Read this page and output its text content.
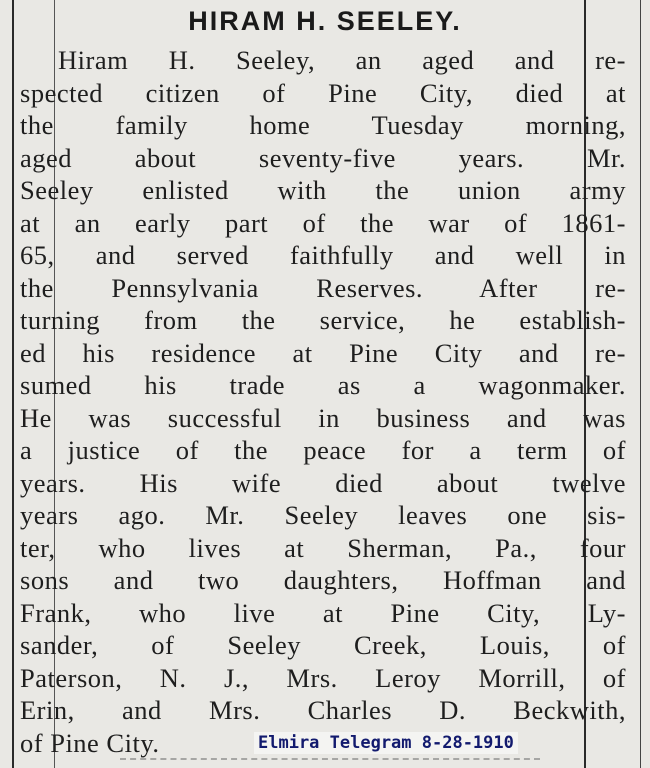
HIRAM H. SEELEY.
Hiram H. Seeley, an aged and re-
spected citizen of Pine City, died at
the family home Tuesday morning,
aged about seventy-five years. Mr.
Seeley enlisted with the union army
at an early part of the war of 1861-
65, and served faithfully and well in
the Pennsylvania Reserves. After re-
turning from the service, he establish-
ed his residence at Pine City and re-
sumed his trade as a wagonmaker.
He was successful in business and was
a justice of the peace for a term of
years. His wife died about twelve
years ago. Mr. Seeley leaves one sis-
ter, who lives at Sherman, Pa., four
sons and two daughters, Hoffman and
Frank, who live at Pine City, Ly-
sander, of Seeley Creek, Louis, of
Paterson, N. J., Mrs. Leroy Morrill, of
Erin, and Mrs. Charles D. Beckwith,
of Pine City.	Elmira Telegram 8-28-1910
